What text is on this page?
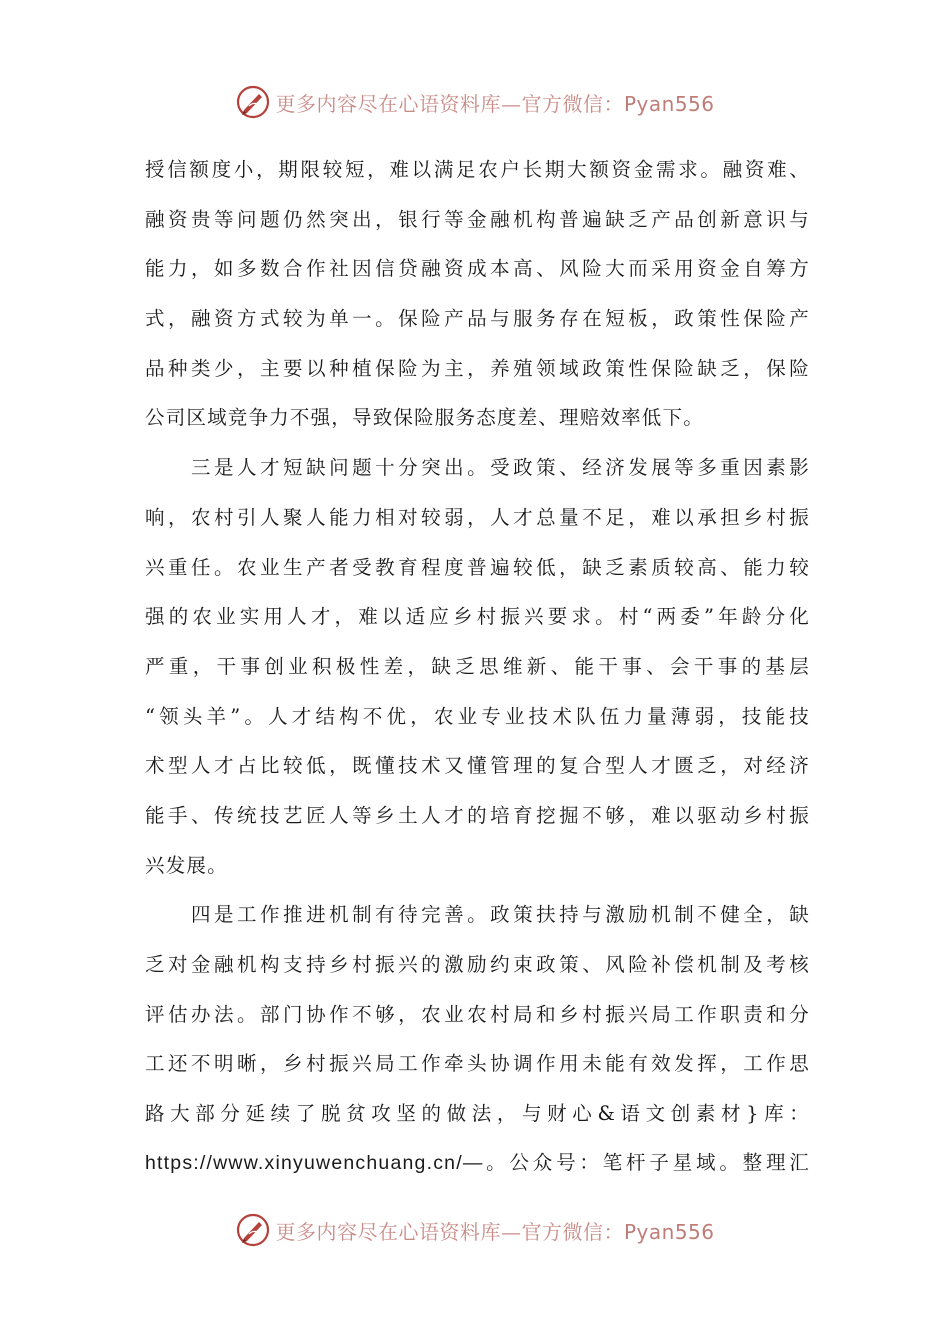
更多内容尽在心语资料库—官方微信：Pyan556
授信额度小，期限较短，难以满足农户长期大额资金需求。融资难、
融资贵等问题仍然突出，银行等金融机构普遍缺乏产品创新意识与
能力，如多数合作社因信贷融资成本高、风险大而采用资金自筹方
式，融资方式较为单一。保险产品与服务存在短板，政策性保险产
品种类少，主要以种植保险为主，养殖领域政策性保险缺乏，保险
公司区域竞争力不强，导致保险服务态度差、理赔效率低下。
　　三是人才短缺问题十分突出。受政策、经济发展等多重因素影
响，农村引人聚人能力相对较弱，人才总量不足，难以承担乡村振
兴重任。农业生产者受教育程度普遍较低，缺乏素质较高、能力较
强的农业实用人才，难以适应乡村振兴要求。村“两委”年龄分化
严重，干事创业积极性差，缺乏思维新、能干事、会干事的基层
“领头羊”。人才结构不优，农业专业技术队伍力量薄弱，技能技
术型人才占比较低，既懂技术又懂管理的复合型人才匮乏，对经济
能手、传统技艺匠人等乡土人才的培育挖掘不够，难以驱动乡村振
兴发展。
　　四是工作推进机制有待完善。政策扶持与激励机制不健全，缺
乏对金融机构支持乡村振兴的激励约束政策、风险补偿机制及考核
评估办法。部门协作不够，农业农村局和乡村振兴局工作职责和分
工还不明晰，乡村振兴局工作牵头协调作用未能有效发挥，工作思
路大部分延续了脱贫攻坚的做法，与财心&语文创素材}库：
https://www.xinyuwenchuang.cn/—。公众号：笔杆子星域。整理汇
更多内容尽在心语资料库—官方微信：Pyan556
